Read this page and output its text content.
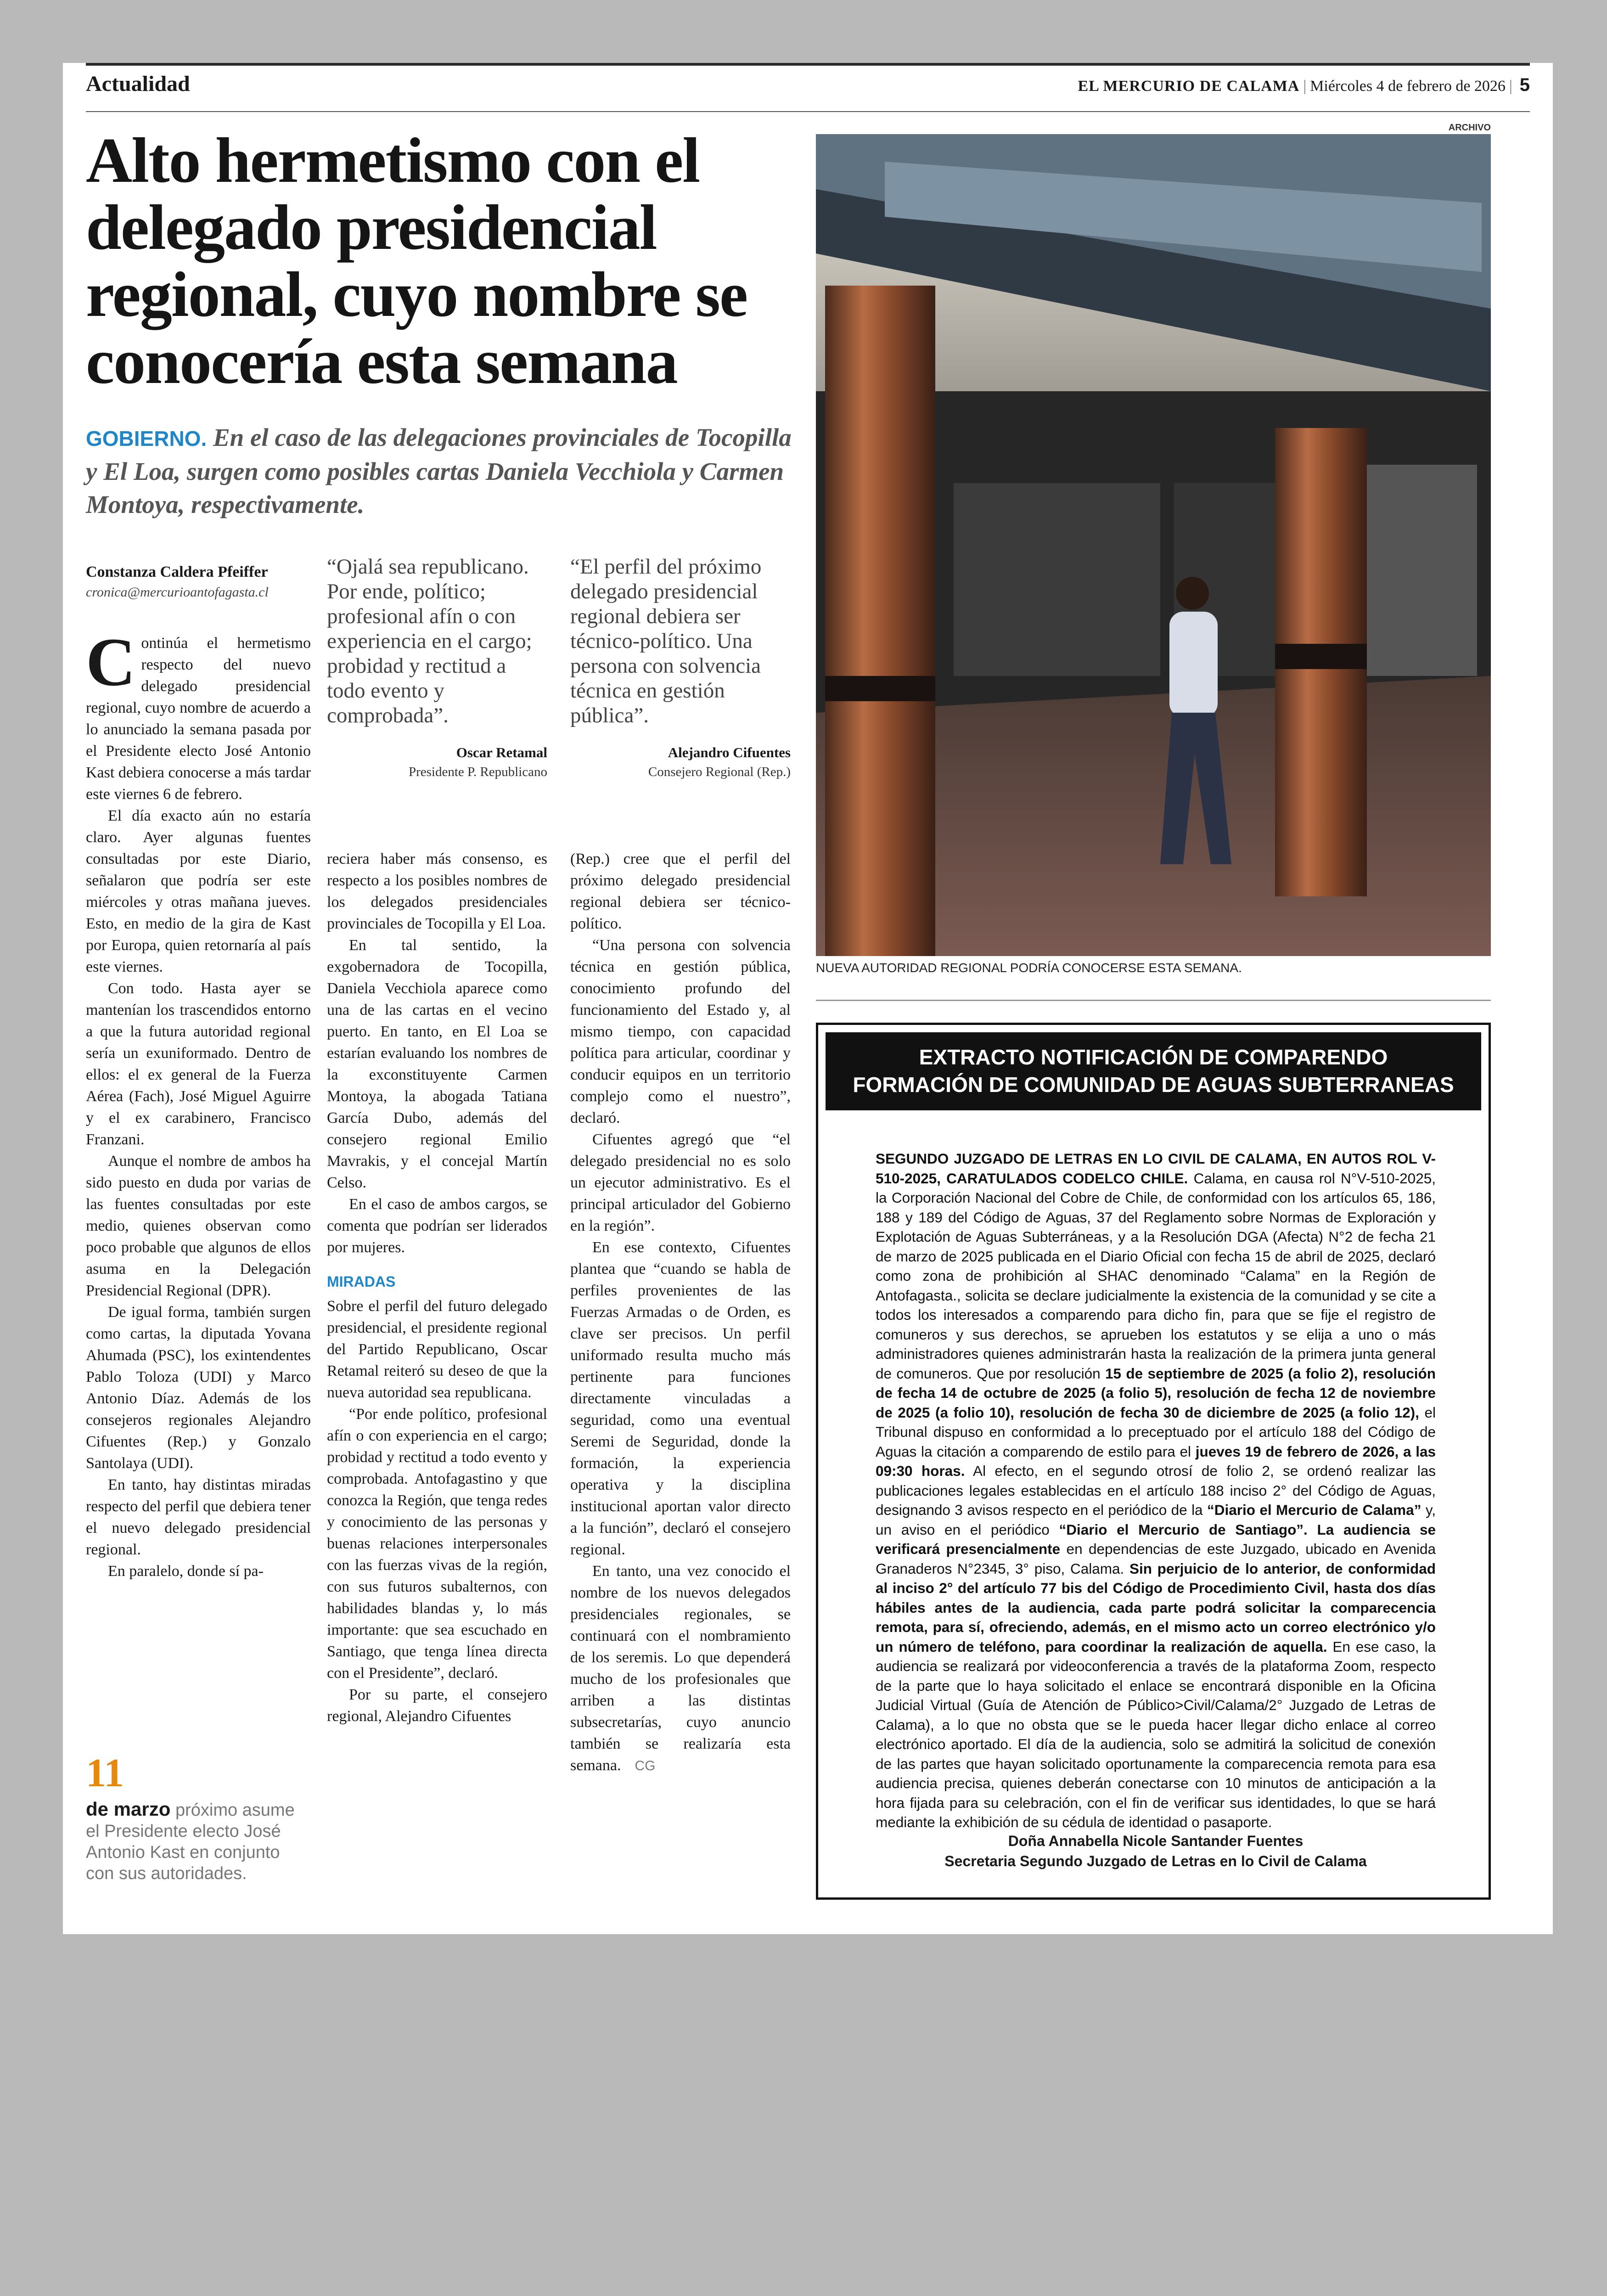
Actualidad	EL MERCURIO DE CALAMA | Miércoles 4 de febrero de 2026 | 5
Alto hermetismo con el delegado presidencial regional, cuyo nombre se conocería esta semana
GOBIERNO. En el caso de las delegaciones provinciales de Tocopilla y El Loa, surgen como posibles cartas Daniela Vecchiola y Carmen Montoya, respectivamente.
Constanza Caldera Pfeiffer
cronica@mercurioantofagasta.cl
“Ojalá sea republicano. Por ende, político; profesional afín o con experiencia en el cargo; probidad y rectitud a todo evento y comprobada”.
Oscar Retamal
Presidente P. Republicano
“El perfil del próximo delegado presidencial regional debiera ser técnico-político. Una persona con solvencia técnica en gestión pública”.
Alejandro Cifuentes
Consejero Regional (Rep.)

Continúa el hermetismo respecto del nuevo delegado presidencial regional, cuyo nombre de acuerdo a lo anunciado la semana pasada por el Presidente electo José Antonio Kast debiera conocerse a más tardar este viernes 6 de febrero.

El día exacto aún no estaría claro. Ayer algunas fuentes consultadas por este Diario, señalaron que podría ser este miércoles y otras mañana jueves. Esto, en medio de la gira de Kast por Europa, quien retornaría al país este viernes.

Con todo. Hasta ayer se mantenían los trascendidos entorno a que la futura autoridad regional sería un exuniformado. Dentro de ellos: el ex general de la Fuerza Aérea (Fach), José Miguel Aguirre y el ex carabinero, Francisco Franzani.

Aunque el nombre de ambos ha sido puesto en duda por varias de las fuentes consultadas por este medio, quienes observan como poco probable que algunos de ellos asuma en la Delegación Presidencial Regional (DPR).

De igual forma, también surgen como cartas, la diputada Yovana Ahumada (PSC), los exintendentes Pablo Toloza (UDI) y Marco Antonio Díaz. Además de los consejeros regionales Alejandro Cifuentes (Rep.) y Gonzalo Santolaya (UDI).

En tanto, hay distintas miradas respecto del perfil que debiera tener el nuevo delegado presidencial regional.

En paralelo, donde sí pa-

reciera haber más consenso, es respecto a los posibles nombres de los delegados presidenciales provinciales de Tocopilla y El Loa.

En tal sentido, la exgobernadora de Tocopilla, Daniela Vecchiola aparece como una de las cartas en el vecino puerto. En tanto, en El Loa se estarían evaluando los nombres de la exconstituyente Carmen Montoya, la abogada Tatiana García Dubo, además del consejero regional Emilio Mavrakis, y el concejal Martín Celso.

En el caso de ambos cargos, se comenta que podrían ser liderados por mujeres.

MIRADAS

Sobre el perfil del futuro delegado presidencial, el presidente regional del Partido Republicano, Oscar Retamal reiteró su deseo de que la nueva autoridad sea republicana.

“Por ende político, profesional afín o con experiencia en el cargo; probidad y rectitud a todo evento y comprobada. Antofagastino y que conozca la Región, que tenga redes y conocimiento de las personas y buenas relaciones interpersonales con las fuerzas vivas de la región, con sus futuros subalternos, con habilidades blandas y, lo más importante: que sea escuchado en Santiago, que tenga línea directa con el Presidente”, declaró.

Por su parte, el consejero regional, Alejandro Cifuentes

(Rep.) cree que el perfil del próximo delegado presidencial regional debiera ser técnico-político.

“Una persona con solvencia técnica en gestión pública, conocimiento profundo del funcionamiento del Estado y, al mismo tiempo, con capacidad política para articular, coordinar y conducir equipos en un territorio complejo como el nuestro”, declaró.

Cifuentes agregó que “el delegado presidencial no es solo un ejecutor administrativo. Es el principal articulador del Gobierno en la región”.

En ese contexto, Cifuentes plantea que “cuando se habla de perfiles provenientes de las Fuerzas Armadas o de Orden, es clave ser precisos. Un perfil uniformado resulta mucho más pertinente para funciones directamente vinculadas a seguridad, como una eventual Seremi de Seguridad, donde la formación, la experiencia operativa y la disciplina institucional aportan valor directo a la función”, declaró el consejero regional.

En tanto, una vez conocido el nombre de los nuevos delegados presidenciales regionales, se continuará con el nombramiento de los seremis. Lo que dependerá mucho de los profesionales que arriben a las distintas subsecretarías, cuyo anuncio también se realizaría esta semana. CG

11
de marzo próximo asume el Presidente electo José Antonio Kast en conjunto con sus autoridades.
ARCHIVO
NUEVA AUTORIDAD REGIONAL PODRÍA CONOCERSE ESTA SEMANA.
EXTRACTO NOTIFICACIÓN DE COMPARENDO
FORMACIÓN DE COMUNIDAD DE AGUAS SUBTERRANEAS
SEGUNDO JUZGADO DE LETRAS EN LO CIVIL DE CALAMA, EN AUTOS ROL V-510-2025, CARATULADOS CODELCO CHILE. Calama, en causa rol N°V-510-2025, la Corporación Nacional del Cobre de Chile, de conformidad con los artículos 65, 186, 188 y 189 del Código de Aguas, 37 del Reglamento sobre Normas de Exploración y Explotación de Aguas Subterráneas, y a la Resolución DGA (Afecta) N°2 de fecha 21 de marzo de 2025 publicada en el Diario Oficial con fecha 15 de abril de 2025, declaró como zona de prohibición al SHAC denominado “Calama” en la Región de Antofagasta., solicita se declare judicialmente la existencia de la comunidad y se cite a todos los interesados a comparendo para dicho fin, para que se fije el registro de comuneros y sus derechos, se aprueben los estatutos y se elija a uno o más administradores quienes administrarán hasta la realización de la primera junta general de comuneros. Que por resolución 15 de septiembre de 2025 (a folio 2), resolución de fecha 14 de octubre de 2025 (a folio 5), resolución de fecha 12 de noviembre de 2025 (a folio 10), resolución de fecha 30 de diciembre de 2025 (a folio 12), el Tribunal dispuso en conformidad a lo preceptuado por el artículo 188 del Código de Aguas la citación a comparendo de estilo para el jueves 19 de febrero de 2026, a las 09:30 horas. Al efecto, en el segundo otrosí de folio 2, se ordenó realizar las publicaciones legales establecidas en el artículo 188 inciso 2° del Código de Aguas, designando 3 avisos respecto en el periódico de la “Diario el Mercurio de Calama” y, un aviso en el periódico “Diario el Mercurio de Santiago”. La audiencia se verificará presencialmente en dependencias de este Juzgado, ubicado en Avenida Granaderos N°2345, 3° piso, Calama. Sin perjuicio de lo anterior, de conformidad al inciso 2° del artículo 77 bis del Código de Procedimiento Civil, hasta dos días hábiles antes de la audiencia, cada parte podrá solicitar la comparecencia remota, para sí, ofreciendo, además, en el mismo acto un correo electrónico y/o un número de teléfono, para coordinar la realización de aquella. En ese caso, la audiencia se realizará por videoconferencia a través de la plataforma Zoom, respecto de la parte que lo haya solicitado el enlace se encontrará disponible en la Oficina Judicial Virtual (Guía de Atención de Público>Civil/Calama/2° Juzgado de Letras de Calama), a lo que no obsta que se le pueda hacer llegar dicho enlace al correo electrónico aportado. El día de la audiencia, solo se admitirá la solicitud de conexión de las partes que hayan solicitado oportunamente la comparecencia remota para esa audiencia precisa, quienes deberán conectarse con 10 minutos de anticipación a la hora fijada para su celebración, con el fin de verificar sus identidades, lo que se hará mediante la exhibición de su cédula de identidad o pasaporte.
Doña Annabella Nicole Santander Fuentes
Secretaria Segundo Juzgado de Letras en lo Civil de Calama
